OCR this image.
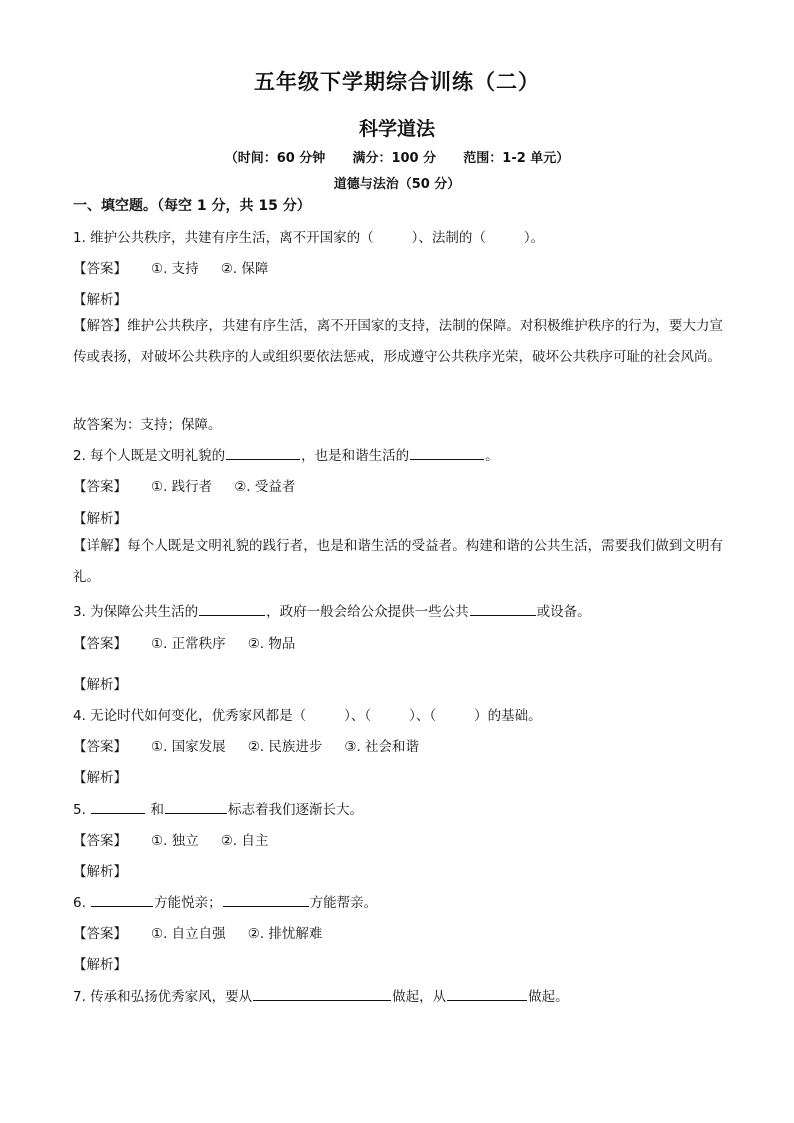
五年级下学期综合训练（二）
科学道法
（时间：60 分钟      满分：100 分      范围：1-2 单元）
道德与法治（50 分）
一、填空题。（每空 1 分，共 15 分）
1. 维护公共秩序，共建有序生活，离不开国家的（	）、法制的（	）。
【答案】 ①. 支持 ②. 保障
【解析】
【解答】维护公共秩序，共建有序生活，离不开国家的支持，法制的保障。对积极维护秩序的行为，要大力宣传或表扬，对破坏公共秩序的人或组织要依法惩戒，形成遵守公共秩序光荣，破坏公共秩序可耻的社会风尚。
故答案为：支持；保障。
2. 每个人既是文明礼貌的	，也是和谐生活的	。
【答案】 ①. 践行者 ②. 受益者
【解析】
【详解】每个人既是文明礼貌的践行者，也是和谐生活的受益者。构建和谐的公共生活，需要我们做到文明有礼。
3. 为保障公共生活的	，政府一般会给公众提供一些公共	或设备。
【答案】 ①. 正常秩序 ②. 物品
【解析】
4. 无论时代如何变化，优秀家风都是（	）、（	）、（	）的基础。
【答案】 ①. 国家发展 ②. 民族进步 ③. 社会和谐
【解析】
5.	和	标志着我们逐渐长大。
【答案】 ①. 独立 ②. 自主
【解析】
6.	方能悦亲；	方能帮亲。
【答案】 ①. 自立自强 ②. 排忧解难
【解析】
7. 传承和弘扬优秀家风，要从	做起，从	做起。
